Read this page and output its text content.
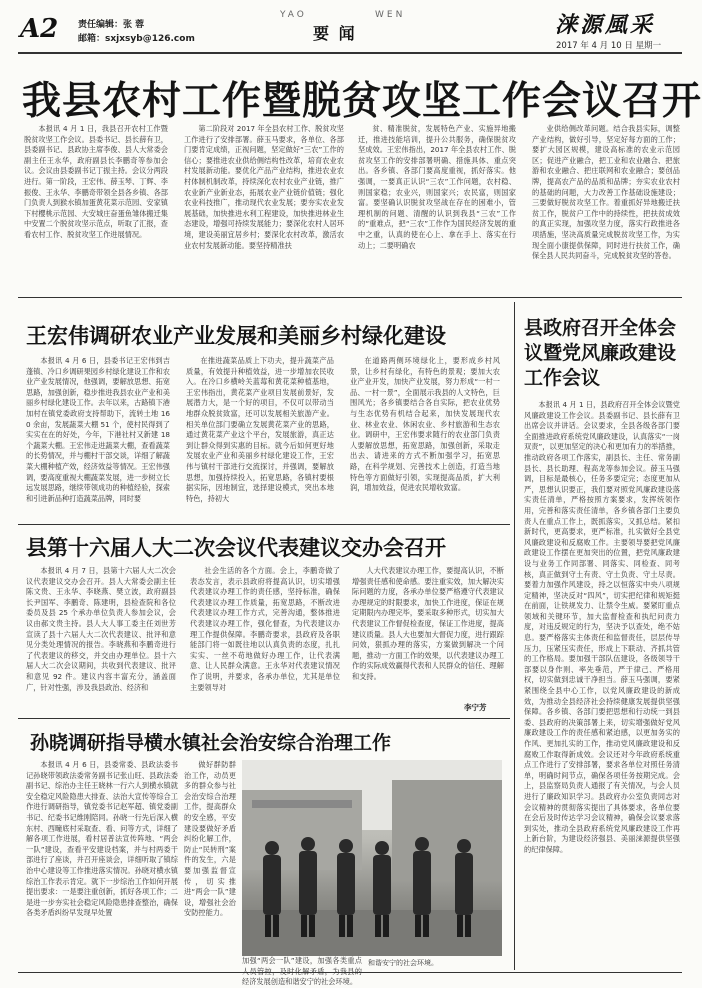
A2 责任编辑：张 蓉
邮箱：sxjxsyb@126.com
YAO	WEN
要 闻	涞源風采
2017 年 4 月 10 日 星期一
我县农村工作暨脱贫攻坚工作会议召开

本报讯 4 月 1 日，我县召开农村工作暨脱贫攻坚工作会议。县委书记、县长薛有卫，县委副书记、县政协主席李俊、县人大常委会副主任王永华，政府副县长李鹏奇等参加会议。会议由县委副书记丁振主持。会议分两段进行。第一阶段，王宏伟、薛玉琴、丁辉、李振俊、王永华、李鹏奇带领全县各乡镇、各部门负责人到猴水镇加蛋黄花菜示范园、安家镇下村樱桃示范园、大安城庄奋蛋鱼雏体搬迁集中安置二个脱贫攻坚示范点，听取了汇报，查看农村工作、脱贫攻坚工作进展情况。

第二阶段对 2017 年全县农村工作、脱贫攻坚工作进行了安排部署。薛玉马要求，各单位、各部门要肯定成绩，正视问题，坚定做好“三农”工作的信心；要推进农业供给侧结构性改革，培育农业农村发展新动能。要优化产品产业结构，推进农业农村体制机制改革，持续深化农村农业产业链，推广农业新产业新业态，拓展农业产业链价值链；强化农业科技推广，推动现代农业发展；要夯实农业发展基础，加快推进水利工程建设，加快推进林业生态建设，增强可持续发展能力；要深化农村人居环境，建设美丽宜居乡村；要深化农村改革，激活农业农村发展新动能。要坚持精准扶

贫、精准脱贫，发展特色产业、实施异地搬迁，推进技能培训，提升公共服务，确保脱贫攻坚成效。王宏伟指出，2017 年全县农村工作、脱贫攻坚工作的安排部署明确、措施具体、重点突出。各乡镇、各部门要高度重视，抓好落实。他强调，一要真正认识“三农”工作问题，农村稳、则国家稳；农业兴，则国家兴；农民富，则国家富。要坚确认识脱贫攻坚战在存在的困难小，管理机制的问题、清醒的认识到我县“三农”工作的“重难点，把“三农”工作作为国民经济发展的重中之重，认真的使在心上、拿在手上、落实在行动上；二要明确农

业供给侧改革问题。结合我县实际，调整产业结构，做好引导，坚定好每方面的工作；要扩大园区规模，建设高标准的农业示范园区；促进产业融合，把工业和农业融合、把旅游和农业融合、把庄联网和农业融合；要创品牌，提高农产品的品质和品牌；夯实农业农村的基础的问题，大力改善工作基础设施建设；三要做好脱贫攻坚工作。着重抓好异地搬迁扶贫工作，脱贫户工作中的持续性，把扶贫成效的真正实现，加强攻坚力度，落实行政推进各项措施，坚决高质量完成脱贫攻坚工作，为实现全面小康提供保障，同时进行扶贫工作，确保全县人民共同奋斗，完成脱贫攻坚的答卷。

王宏伟调研农业产业发展和美丽乡村绿化建设

本报讯 4 月 6 日，县委书记王宏伟到吉蓬镇、冷口乡调研果园乡村绿化建设工作和农业产业发展情况，他强调，要解放思想、拓宽思路，加强创新，稳步推进我县农业产业和美丽乡村绿化建设工作。去年以来，古路镇下港加村在镇党委政府支持帮助下，流转土地 160 余亩，发展蔬菜大棚 51 个，使村民得到了实实在在的好处，今年，下港社村又新建 18 个蔬菜大棚。王宏伟走进蔬菜大棚，查看蔬菜的长势情况，并与棚村干部交谈，详细了解蔬菜大棚种植产效，经济效益等情况。王宏伟强调，要高度重视大棚蔬菜发展，进一步树立长远发展思路，继续带领成功的种植经验，探索和引进新品种打造蔬菜品牌，同时要

在推进蔬菜品质上下功夫，提升蔬菜产品质量，有效提升种植效益，进一步增加农民收入。在冷口乡横岭关蓝莓和黄花菜种植基地，王宏伟指出，黄花菜产业项目发展前景好，发展潜力大，是一个好的项目，不仅可以带动当地群众脱贫致富，还可以发展相关旅游产业。相关单位部门要确立发展黄花菜产业的思路，通过黄花菜产业这个平台，发展旅游，真正达到让群众得到实惠的目标。就今后如何更好地发展农业产业和美丽乡村绿化建设工作，王宏伟与镇村干部进行交流探讨，并强调，要解放思想，加强持续投入，拓宽思路，各镇村要根据实际，因地制宜，选择建设模式，突出本地特色，持初大

在道路两侧环境绿化上，要形成乡村风景，让乡村有绿化，有特色的景观；要加大农业产业开发，加快产业发展，努力形成“一村一品、一村一景”，全面展示我县的人文特色，巨围风光；各乡镇要结合各自实际，把农业优势与生态优势有机结合起来，加快发展现代农业、林业农业、休闲农业、乡村旅游和生态农业。调研中，王宏伟要求随行的农业部门负责人要解放思想，拓宽思路，加强创新，采取走出去、请进来的方式不断加强学习，拓宽思路，在科学规划、完善技术上创造，打造当地特色等方面做好引领，实现提高品质，扩大利润，增加效益，促进农民增收致富。

县第十六届人大二次会议代表建议交办会召开

本报讯 4 月 7 日，县第十六届人大二次会议代表建议交办会召开。县人大常委会副主任陈文贵、王永华、李晓燕、樊立波，政府副县长尹国军、李鹏奇、陈建明，县检查院和各位委员及县 25 个承办单位负责人参加会议，会议由郝文贵主持。县人大人事工委主任刘世芳宣读了县十六届人大二次代表建议、批评和意见分类处理情况的报告。李晓燕和李鹏奇进行了代表建议的移交，并交由办理单位。县十六届人大二次会议期间，共收到代表建议、批评和意见 92 件。建议内容丰富充分，涵盖面广，针对性强，涉及我县政治、经济和

社会生活的各个方面。会上，李鹏奇做了表态发言，表示县政府将提高认识，切实增强代表建议办理工作的责任感，坚持标准，确保代表建议办理工作质量，拓宽思路，不断改进代表建议办理工作方式，完善沟通，整体推进代表建议办理工作，强化督查，为代表建议办理工作提供保障。李鹏奇要求，县政府及各职能部门将一如既往地以认真负责的态度，扎扎实实、一丝不苟地做好办理工作，让代表满意、让人民群众满意。王永华对代表建议情况作了说明，并要求，各承办单位，尤其是单位主要领导对

人大代表建议办理工作，要提高认识，不断增强责任感和使命感。要注重实效，加大解决实际问题的力度，各承办单位要严格遵守代表建议办理规定的时限要求，加快工作进度，保证在规定期限内办理完毕，要采取多种形式，切实加大代表建议工作督促检查度，保证工作进度，提高建议质量。县人大也要加大督促力度，进行跟踪问效，狠抓办理的落实，方案做到解决一个问题，推动一方面工作的效果，以代表建议办理工作的实际成效赢得代表和人民群众的信任、理解和支持。

李宁芳
孙晓调研指导横水镇社会治安综合治理工作

本报讯 4 月 6 日，县委常委、县政法委书记孙晓带领政法委常务副书记张山旺、县政法委副书记、综治办主任王晓林一行六人到横水镇就安全稳定风险隐患大排查、法治大宣传等综合工作进行调研指导，镇党委书记赵军超、镇党委副书记、纪委书记维刚陪同。孙晓一行先后深入横东村、西疃底村采取查、看、问等方式，详细了解各项工作进展，看村居普法宣传阵地、“两会一队”建设，查看平安建设档案，并与村两委干部进行了座谈，并召开座谈会，详细听取了镇综治中心建设等工作推进落实情况。孙晓对横水镇综治工作表示肯定。就下一步综治工作如何开展提出要求：一是要注重创新，抓好各项工作；二是进一步夯实社会稳定风险隐患排查整治，确保各类矛盾纠纷早发现早处置

做好群防群治工作，动员更多的群众参与社会治安综合治理工作，提高群众的安全感，平安建设要做好矛盾纠纷化解工作，防止“民转刑”案件的发生，六是要加强监督宣传，切实推进“两会一队”建设，增强社会治安防控能力。

加强“两会一队”建设，加强各类重点 经济发展创造和谐安宁的社会环境。
和谐安宁的社会环境。
县政府召开全体会议暨党风廉政建设工作会议

本报讯 4 月 1 日，县政府召开全体会议暨党风廉政建设工作会议。县委副书记、县长薛有卫出席会议并讲话。会议要求，全县各级各部门要全面推进政府系统党风廉政建设，认真落实“一岗双责”，以更加坚定的决心和更加有力的举措推，推动政府各项工作落实，副县长、主任、常务副县长、县长助理、程高龙等参加会议。薛玉马强调，目标是最核心，任务多要定完；态度更加从严，思想认识要正，我们要对照党风廉政建设落实责任清单，严格按照方案要求，发挥统领作用，完善和落实责任清单，各乡镇各部门主要负责人在重点工作上，既抓落实，又抓总结。紧扣新时代，更高要求，更严标准，扎实做好全县党风廉政建设和反腐败工作。主要领导要把党风廉政建设工作摆在更加突出的位置，把党风廉政建设与业务工作同部署、同落实、同检查、同考核，真正做到守土有责、守土负责、守土尽责。要着力加强作风建设，持之以恒落实中央八项规定精神，坚决反对“四风”，切实把纪律和规矩挺在前面，让铁规发力、让禁令生威。要紧盯重点领域和关键环节，加大监督检查和执纪问责力度，对违反规定的行为，坚决予以查处，绝不姑息。要严格落实主体责任和监督责任，层层传导压力，压紧压实责任，形成上下联动、齐抓共管的工作格局。要加强干部队伍建设，各级领导干部要以身作则、率先垂范，严于律己、严格用权，切实做到忠诚干净担当。薛玉马强调，要紧紧围绕全县中心工作，以党风廉政建设的新成效，为推动全县经济社会持续健康发展提供坚强保障。各乡镇、各部门要把思想和行动统一到县委、县政府的决策部署上来，切实增强做好党风廉政建设工作的责任感和紧迫感，以更加务实的作风、更加扎实的工作，推动党风廉政建设和反腐败工作取得新成效。会议还对今年政府系统重点工作进行了安排部署，要求各单位对照任务清单，明确时间节点，确保各项任务按期完成。会上，县监察局负责人通报了有关情况，与会人员进行了廉政知识学习。县政府办公室负责同志对会议精神的贯彻落实提出了具体要求，各单位要在会后及时传达学习会议精神，确保会议要求落到实处，推动全县政府系统党风廉政建设工作再上新台阶，为建设经济强县、美丽涞源提供坚强的纪律保障。
